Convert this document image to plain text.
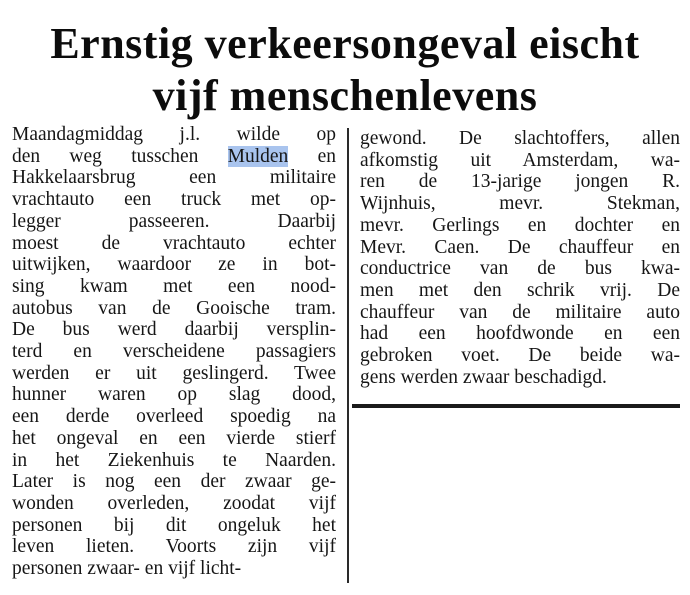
Ernstig verkeersongeval eischt
vijf menschenlevens
Maandagmiddag j.l. wilde op
den weg tusschen Mulden en
Hakkelaarsbrug een militaire
vrachtauto een truck met op-
legger passeeren. Daarbij
moest de vrachtauto echter
uitwijken, waardoor ze in bot-
sing kwam met een nood-
autobus van de Gooische tram.
De bus werd daarbij versplin-
terd en verscheidene passagiers
werden er uit geslingerd. Twee
hunner waren op slag dood,
een derde overleed spoedig na
het ongeval en een vierde stierf
in het Ziekenhuis te Naarden.
Later is nog een der zwaar ge-
wonden overleden, zoodat vijf
personen bij dit ongeluk het
leven lieten. Voorts zijn vijf
personen zwaar- en vijf licht-
gewond. De slachtoffers, allen
afkomstig uit Amsterdam, wa-
ren de 13-jarige jongen R.
Wijnhuis, mevr. Stekman,
mevr. Gerlings en dochter en
Mevr. Caen. De chauffeur en
conductrice van de bus kwa-
men met den schrik vrij. De
chauffeur van de militaire auto
had een hoofdwonde en een
gebroken voet. De beide wa-
gens werden zwaar beschadigd.
